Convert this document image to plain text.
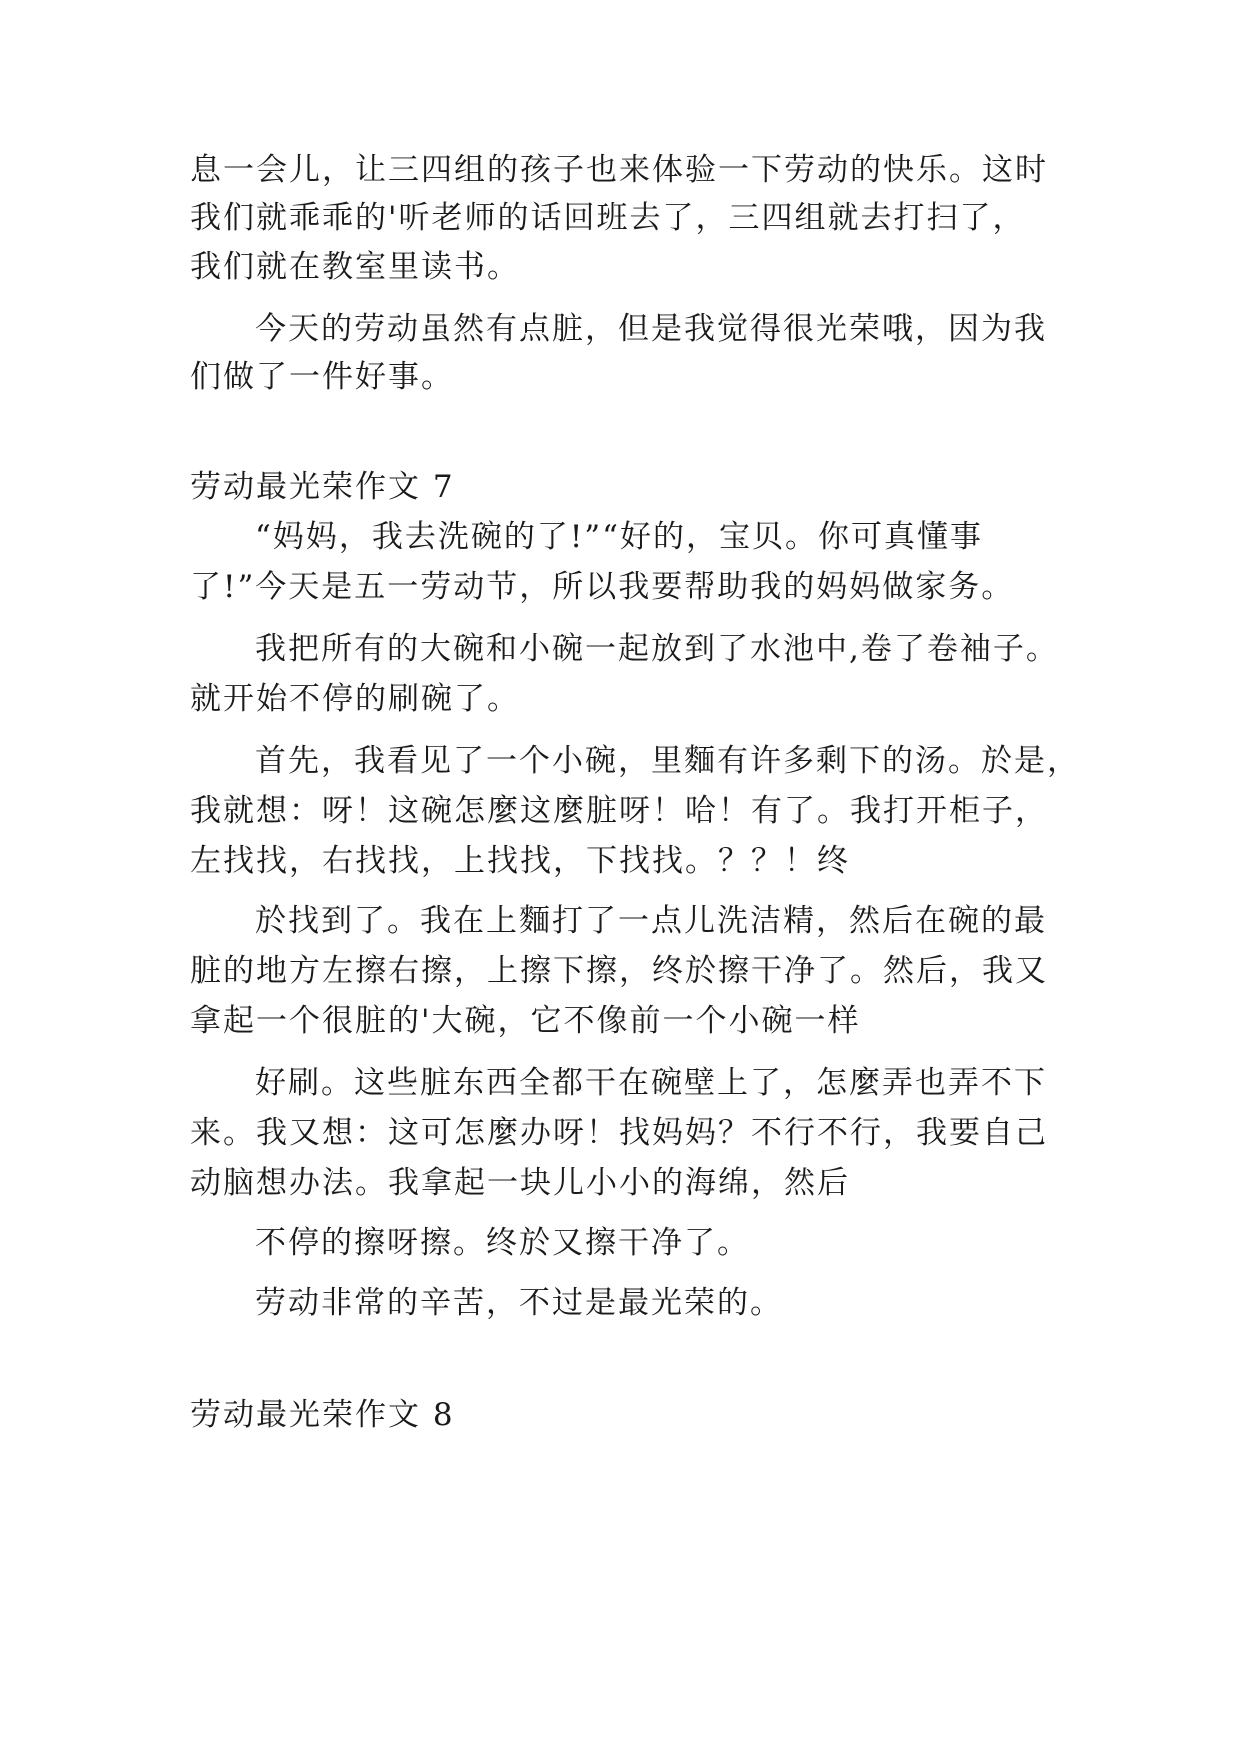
息一会儿，让三四组的孩子也来体验一下劳动的快乐。这时
我们就乖乖的'听老师的话回班去了，三四组就去打扫了，
我们就在教室里读书。
今天的劳动虽然有点脏，但是我觉得很光荣哦，因为我
们做了一件好事。
劳动最光荣作文 7
“妈妈，我去洗碗的了!”“好的，宝贝。你可真懂事
了!”今天是五一劳动节，所以我要帮助我的妈妈做家务。
我把所有的大碗和小碗一起放到了水池中,卷了卷袖子。
就开始不停的刷碗了。
首先，我看见了一个小碗，里麵有许多剩下的汤。於是，
我就想：呀！这碗怎麼这麼脏呀！哈！有了。我打开柜子，
左找找，右找找，上找找，下找找。？？！终
於找到了。我在上麵打了一点儿洗洁精，然后在碗的最
脏的地方左擦右擦，上擦下擦，终於擦干净了。然后，我又
拿起一个很脏的'大碗，它不像前一个小碗一样
好刷。这些脏东西全都干在碗壁上了，怎麼弄也弄不下
来。我又想：这可怎麼办呀！找妈妈？不行不行，我要自己
动脑想办法。我拿起一块儿小小的海绵，然后
不停的擦呀擦。终於又擦干净了。
劳动非常的辛苦，不过是最光荣的。
劳动最光荣作文 8
